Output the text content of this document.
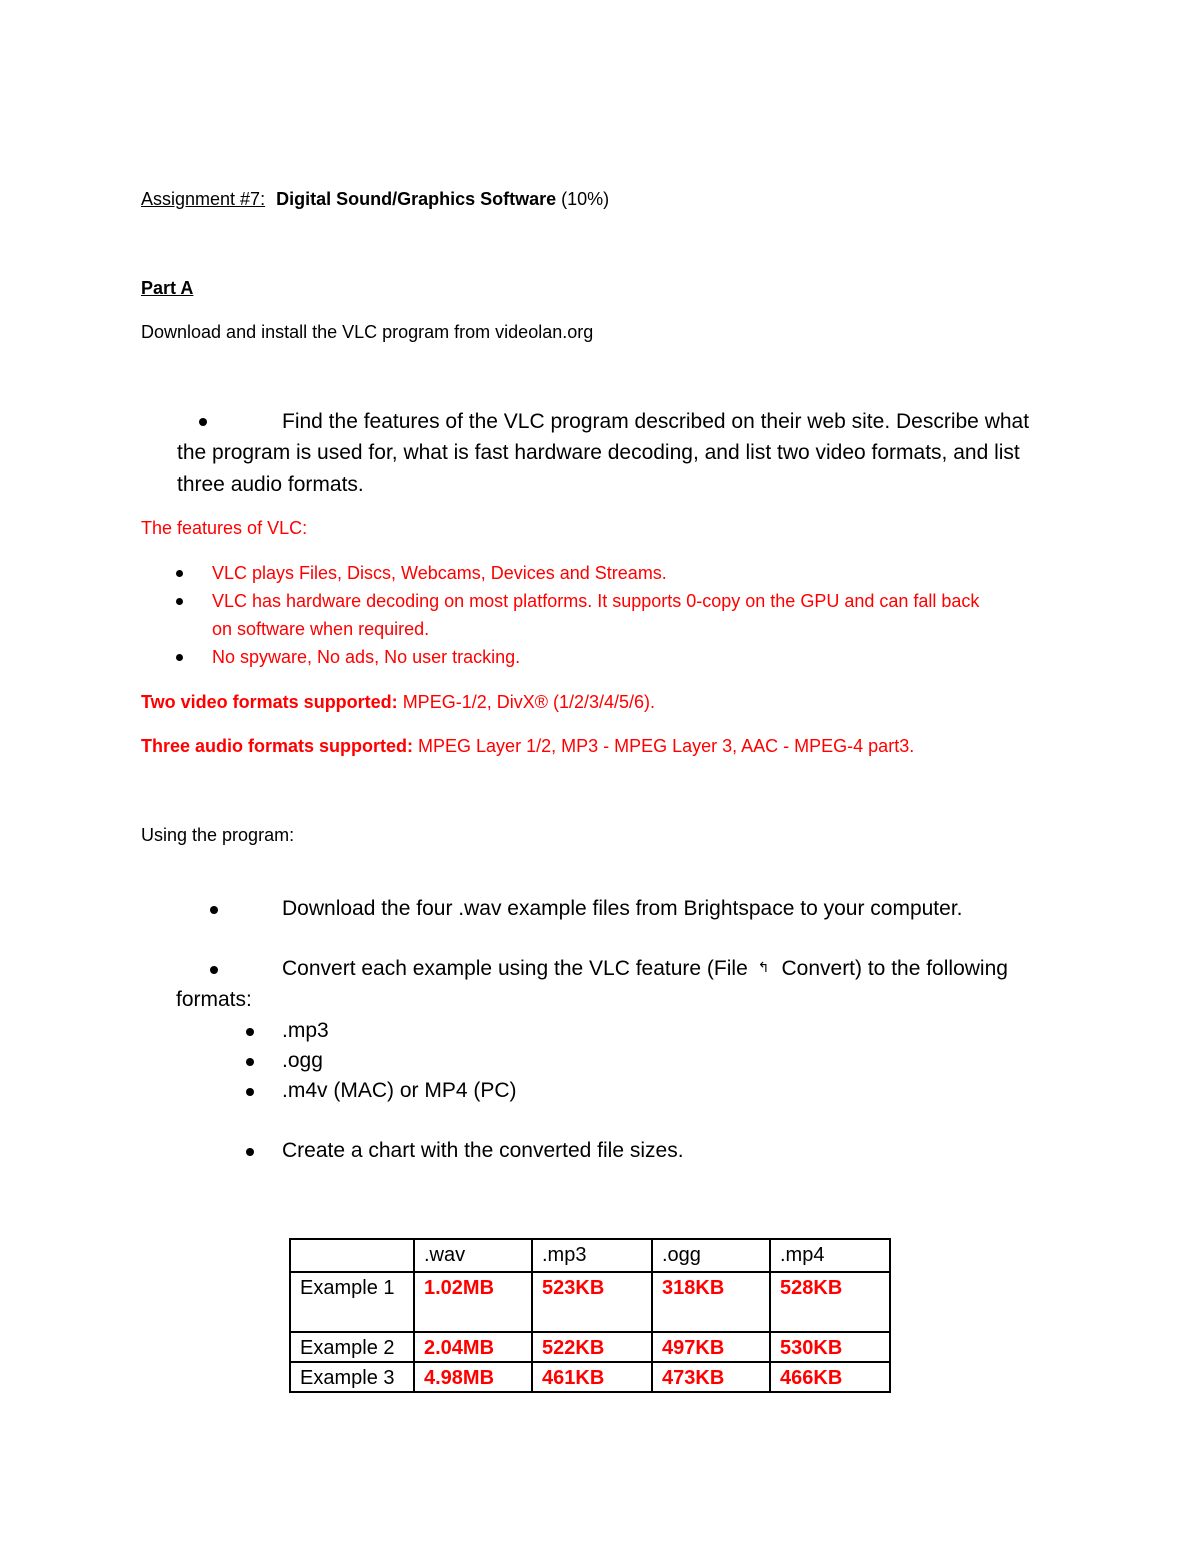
Assignment #7: Digital Sound/Graphics Software (10%)
Part A
Download and install the VLC program from videolan.org
Find the features of the VLC program described on their web site. Describe what
the program is used for, what is fast hardware decoding, and list two video formats, and list
three audio formats.
The features of VLC:
VLC plays Files, Discs, Webcams, Devices and Streams.
VLC has hardware decoding on most platforms. It supports 0-copy on the GPU and can fall back
on software when required.
No spyware, No ads, No user tracking.
Two video formats supported: MPEG-1/2, DivX® (1/2/3/4/5/6).
Three audio formats supported: MPEG Layer 1/2, MP3 - MPEG Layer 3, AAC - MPEG-4 part3.
Using the program:
Download the four .wav example files from Brightspace to your computer.
Convert each example using the VLC feature (File ↰ Convert) to the following
formats:
.mp3
.ogg
.m4v (MAC) or MP4 (PC)
Create a chart with the converted file sizes.
	.wav	.mp3	.ogg	.mp4
Example 1	1.02MB	523KB	318KB	528KB
Example 2	2.04MB	522KB	497KB	530KB
Example 3	4.98MB	461KB	473KB	466KB
